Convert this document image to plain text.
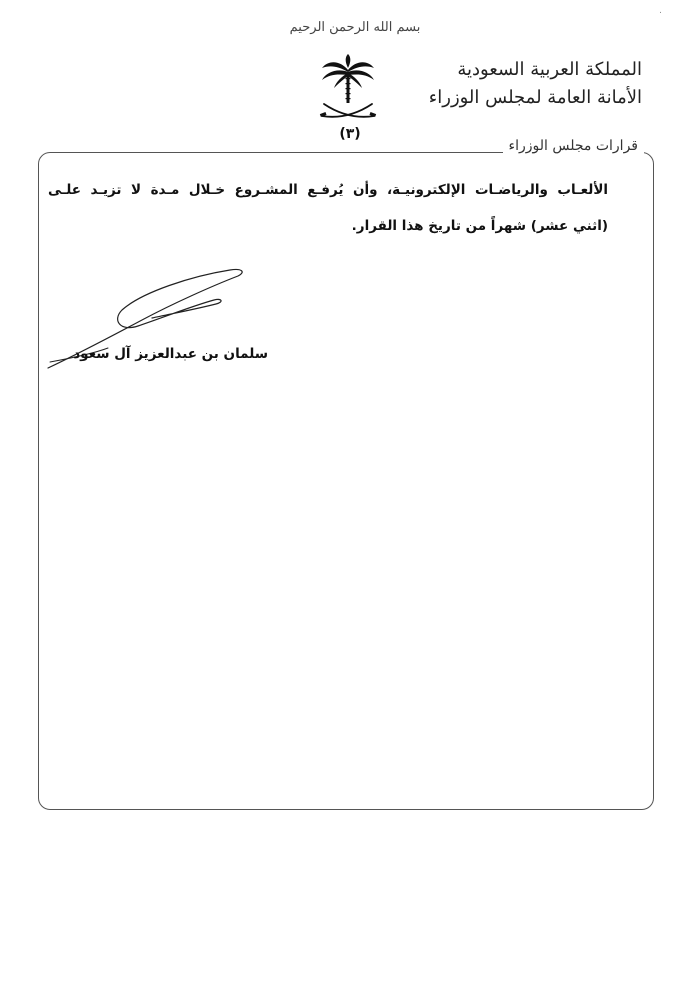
.
بسم الله الرحمن الرحيم
(٣)
المملكة العربية السعودية
الأمانة العامة لمجلس الوزراء
قرارات مجلس الوزراء
الألعـاب والرياضـات الإلكترونيـة، وأن يُرفـع المشـروع خـلال مـدة لا تزيـد علـى
(اثني عشر) شهراً من تاريخ هذا القرار.
سلمان بن عبدالعزيز آل سعود
